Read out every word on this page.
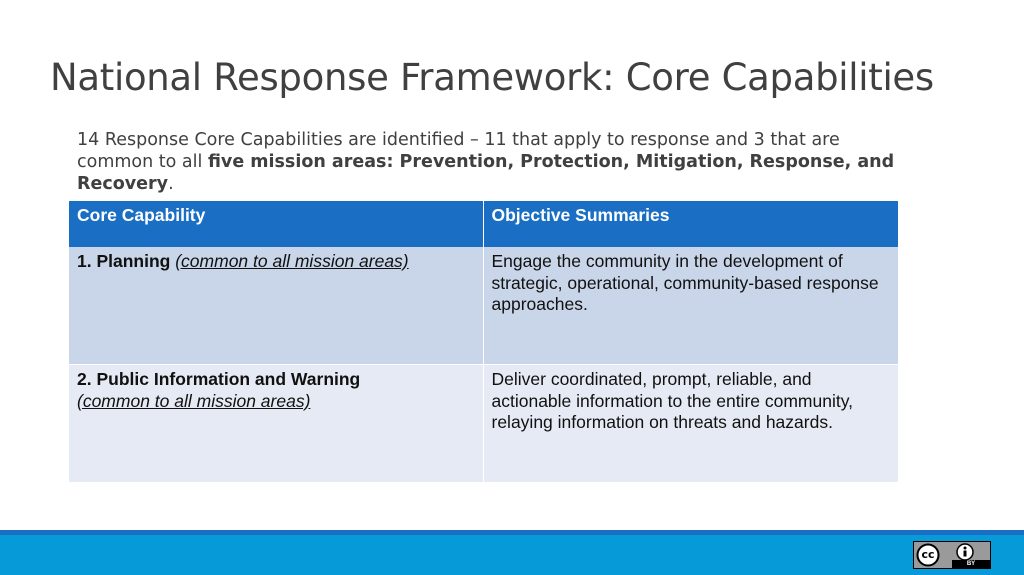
National Response Framework: Core Capabilities
14 Response Core Capabilities are identified – 11 that apply to response and 3 that are common to all five mission areas: Prevention, Protection, Mitigation, Response, and Recovery.
Core Capability	Objective Summaries
1. Planning (common to all mission areas)	Engage the community in the development of strategic, operational, community-based response approaches.
2. Public Information and Warning
(common to all mission areas)	Deliver coordinated, prompt, reliable, and actionable information to the entire community, relaying information on threats and hazards.
cc
BY
